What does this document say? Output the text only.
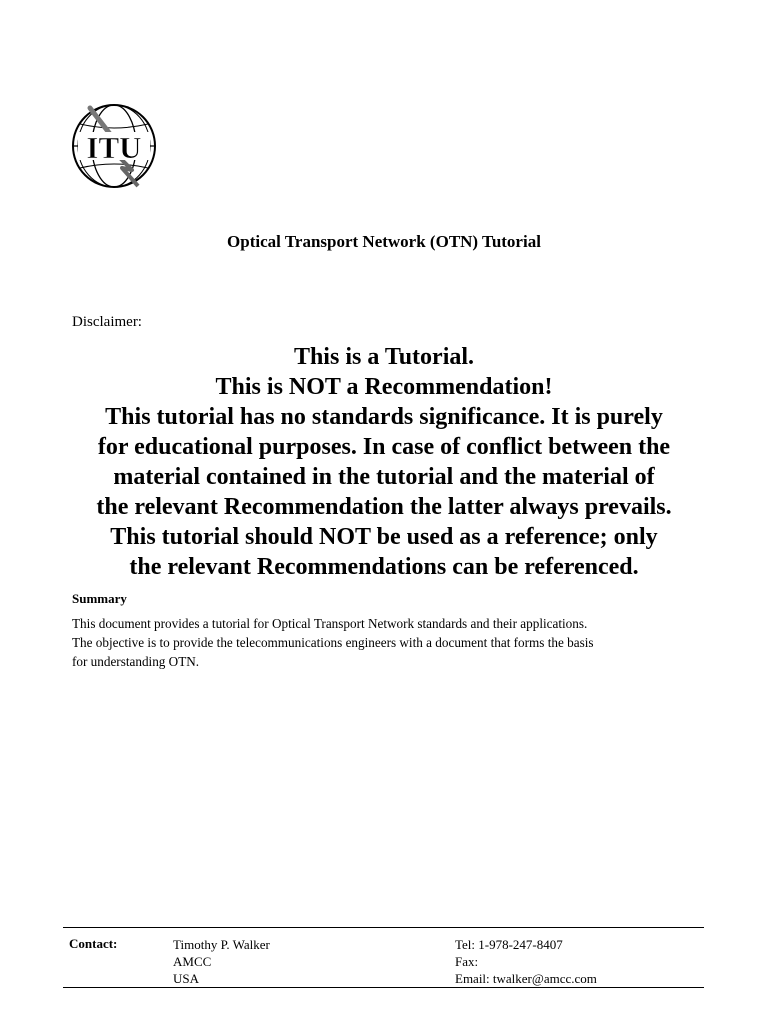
ITU
Optical Transport Network (OTN) Tutorial
Disclaimer:
This is a Tutorial.
This is NOT a Recommendation!
This tutorial has no standards significance. It is purely
for educational purposes. In case of conflict between the
material contained in the tutorial and the material of
the relevant Recommendation the latter always prevails.
This tutorial should NOT be used as a reference; only
the relevant Recommendations can be referenced.
Summary
This document provides a tutorial for Optical Transport Network standards and their applications.
The objective is to provide the telecommunications engineers with a document that forms the basis
for understanding OTN.
Contact:	Timothy P. Walker
AMCC
USA
Tel: 1-978-247-8407
Fax:
Email: twalker@amcc.com
